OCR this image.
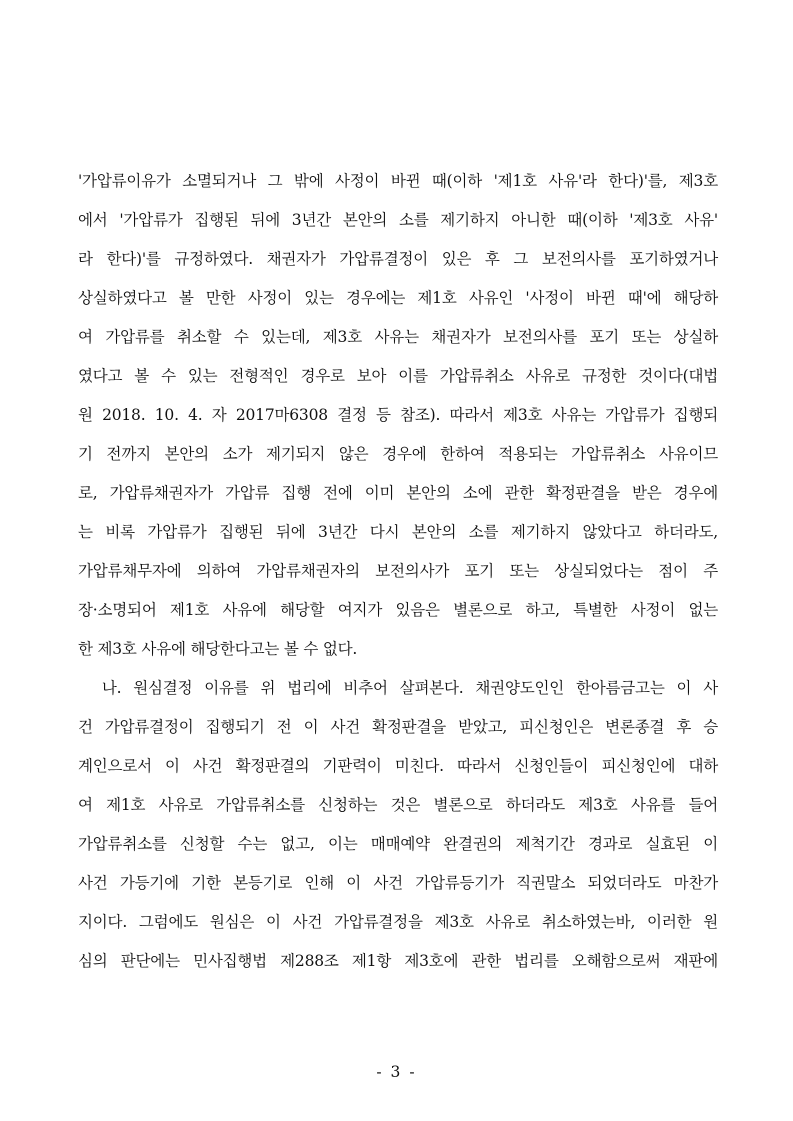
'가압류이유가 소멸되거나 그 밖에 사정이 바뀐 때(이하 '제1호 사유'라 한다)'를, 제3호
에서 '가압류가 집행된 뒤에 3년간 본안의 소를 제기하지 아니한 때(이하 '제3호 사유'
라 한다)'를 규정하였다. 채권자가 가압류결정이 있은 후 그 보전의사를 포기하였거나
상실하였다고 볼 만한 사정이 있는 경우에는 제1호 사유인 '사정이 바뀐 때'에 해당하
여 가압류를 취소할 수 있는데, 제3호 사유는 채권자가 보전의사를 포기 또는 상실하
였다고 볼 수 있는 전형적인 경우로 보아 이를 가압류취소 사유로 규정한 것이다(대법
원 2018. 10. 4. 자 2017마6308 결정 등 참조). 따라서 제3호 사유는 가압류가 집행되
기 전까지 본안의 소가 제기되지 않은 경우에 한하여 적용되는 가압류취소 사유이므
로, 가압류채권자가 가압류 집행 전에 이미 본안의 소에 관한 확정판결을 받은 경우에
는 비록 가압류가 집행된 뒤에 3년간 다시 본안의 소를 제기하지 않았다고 하더라도,
가압류채무자에 의하여 가압류채권자의 보전의사가 포기 또는 상실되었다는 점이 주
장·소명되어 제1호 사유에 해당할 여지가 있음은 별론으로 하고, 특별한 사정이 없는
한 제3호 사유에 해당한다고는 볼 수 없다.
나. 원심결정 이유를 위 법리에 비추어 살펴본다. 채권양도인인 한아름금고는 이 사
건 가압류결정이 집행되기 전 이 사건 확정판결을 받았고, 피신청인은 변론종결 후 승
계인으로서 이 사건 확정판결의 기판력이 미친다. 따라서 신청인들이 피신청인에 대하
여 제1호 사유로 가압류취소를 신청하는 것은 별론으로 하더라도 제3호 사유를 들어
가압류취소를 신청할 수는 없고, 이는 매매예약 완결권의 제척기간 경과로 실효된 이
사건 가등기에 기한 본등기로 인해 이 사건 가압류등기가 직권말소 되었더라도 마찬가
지이다. 그럼에도 원심은 이 사건 가압류결정을 제3호 사유로 취소하였는바, 이러한 원
심의 판단에는 민사집행법 제288조 제1항 제3호에 관한 법리를 오해함으로써 재판에
- 3 -
